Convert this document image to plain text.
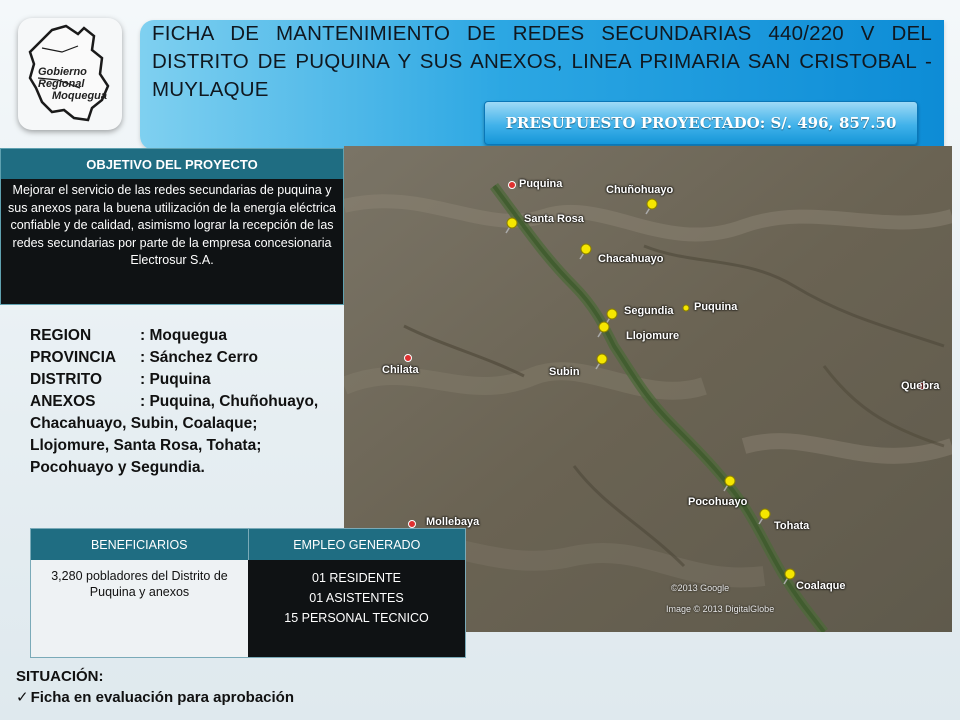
FICHA DE MANTENIMIENTO DE REDES SECUNDARIAS 440/220 V DEL DISTRITO DE PUQUINA Y SUS ANEXOS, LINEA PRIMARIA SAN CRISTOBAL - MUYLAQUE
Gobierno
Regional
Moquegua
PRESUPUESTO PROYECTADO: S/. 496, 857.50
OBJETIVO DEL PROYECTO
Mejorar el servicio de las redes secundarias de puquina y sus anexos para la buena utilización de la energía eléctrica confiable y de calidad, asimismo lograr la recepción de las redes secundarias por parte de la empresa concesionaria Electrosur S.A.
Puquina	Chuñohuayo
Santa Rosa
Chacahuayo
Segundia Puquina
Llojomure
Chilata	Subin
Quebra
Pocohuayo
Mollebaya	Tohata
Coalaque
©2013 Google
Image © 2013 DigitalGlobe
REGION	: Moquegua
PROVINCIA	: Sánchez Cerro
DISTRITO	: Puquina
ANEXOS	: Puquina, Chuñohuayo, Chacahuayo, Subin, Coalaque; Llojomure, Santa Rosa, Tohata; Pocohuayo y Segundia.
BENEFICIARIOS	EMPLEO GENERADO
3,280 pobladores del Distrito de Puquina y anexos
01 RESIDENTE
01 ASISTENTES
15 PERSONAL TECNICO
SITUACIÓN:
✓ Ficha en evaluación para aprobación
